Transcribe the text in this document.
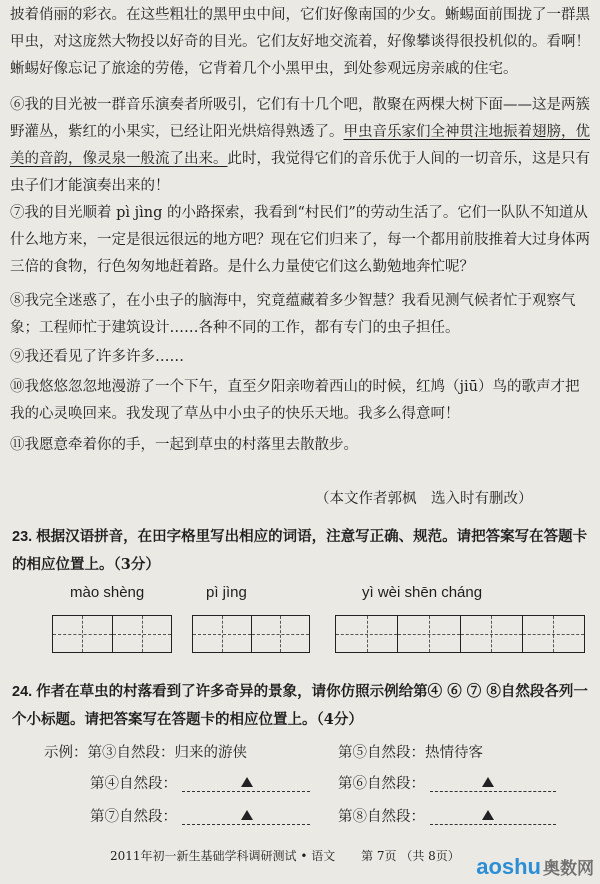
披着俏丽的彩衣。在这些粗壮的黑甲虫中间，它们好像南国的少女。蜥蜴面前围拢了一群黑甲虫，对这庞然大物投以好奇的目光。它们友好地交流着，好像攀谈得很投机似的。看啊！蜥蜴好像忘记了旅途的劳倦，它背着几个小黑甲虫，到处参观远房亲戚的住宅。

⑥我的目光被一群音乐演奏者所吸引，它们有十几个吧，散聚在两棵大树下面——这是两簇野灌丛，紫红的小果实，已经让阳光烘焙得熟透了。甲虫音乐家们全神贯注地振着翅膀，优美的音韵，像灵泉一般流了出来。此时，我觉得它们的音乐优于人间的一切音乐，这是只有虫子们才能演奏出来的！

⑦我的目光顺着 pì jìng 的小路探索，我看到“村民们”的劳动生活了。它们一队队不知道从什么地方来，一定是很远很远的地方吧？现在它们归来了，每一个都用前肢推着大过身体两三倍的食物，行色匆匆地赶着路。是什么力量使它们这么勤勉地奔忙呢？

⑧我完全迷惑了，在小虫子的脑海中，究竟蕴藏着多少智慧？我看见测气候者忙于观察气象；工程师忙于建筑设计……各种不同的工作，都有专门的虫子担任。

⑨我还看见了许多许多……

⑩我悠悠忽忽地漫游了一个下午，直至夕阳亲吻着西山的时候，红鸠（jiū）鸟的歌声才把我的心灵唤回来。我发现了草丛中小虫子的快乐天地。我多么得意呵！

⑪我愿意牵着你的手，一起到草虫的村落里去散散步。

（本文作者郭枫　选入时有删改）

23. 根据汉语拼音，在田字格里写出相应的词语，注意写正确、规范。请把答案写在答题卡的相应位置上。（3分）
mào shèng	pì jìng	yì wèi shēn cháng
24. 作者在草虫的村落看到了许多奇异的景象，请你仿照示例给第④ ⑥ ⑦ ⑧自然段各列一个小标题。请把答案写在答题卡的相应位置上。（4分）
示例：第③自然段：归来的游侠	第⑤自然段：热情待客
第④自然段：	第⑥自然段：
第⑦自然段：	第⑧自然段：
2011年初一新生基础学科调研测试 • 语文 第 7页 （共 8页） aoshu 奥数网
